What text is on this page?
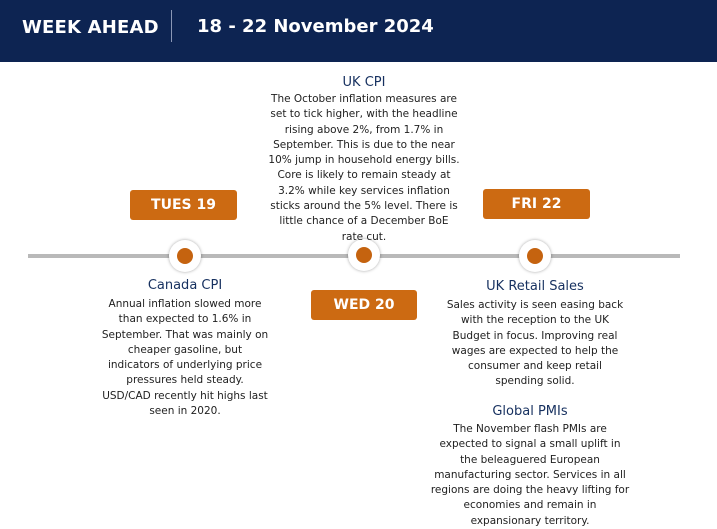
WEEK AHEAD 18 - 22 November 2024
TUES 19
WED 20
FRI 22
UK CPI
The October inflation measures are
set to tick higher, with the headline
rising above 2%, from 1.7% in
September. This is due to the near
10% jump in household energy bills.
Core is likely to remain steady at
3.2% while key services inflation
sticks around the 5% level. There is
little chance of a December BoE
rate cut.
Canada CPI
Annual inflation slowed more
than expected to 1.6% in
September. That was mainly on
cheaper gasoline, but
indicators of underlying price
pressures held steady.
USD/CAD recently hit highs last
seen in 2020.
UK Retail Sales
Sales activity is seen easing back
with the reception to the UK
Budget in focus. Improving real
wages are expected to help the
consumer and keep retail
spending solid.
Global PMIs
The November flash PMIs are
expected to signal a small uplift in
the beleaguered European
manufacturing sector. Services in all
regions are doing the heavy lifting for
economies and remain in
expansionary territory.
